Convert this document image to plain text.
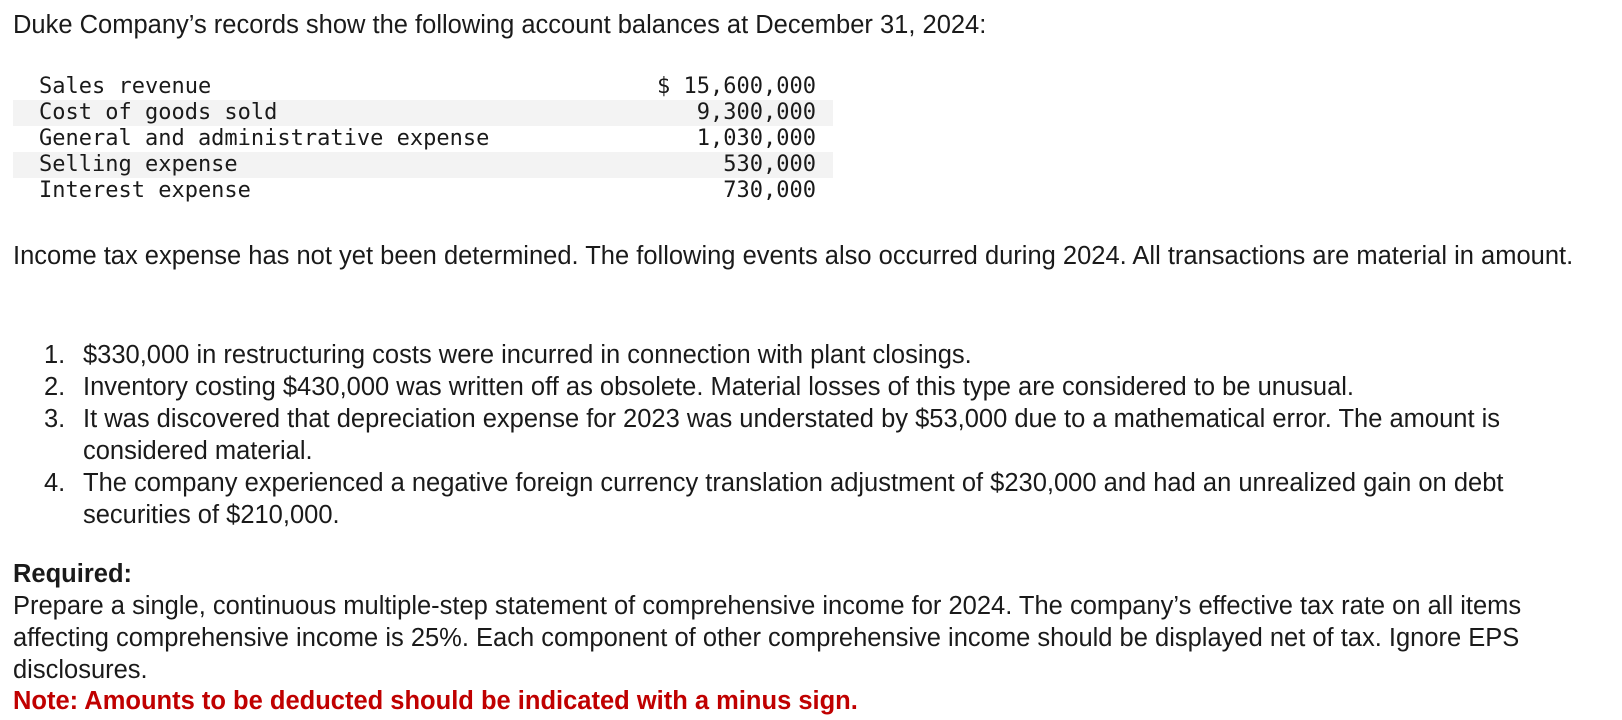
Duke Company’s records show the following account balances at December 31, 2024:

Sales revenue	$ 15,600,000
Cost of goods sold	9,300,000
General and administrative expense	1,030,000
Selling expense	530,000
Interest expense	730,000

Income tax expense has not yet been determined. The following events also occurred during 2024. All transactions are material in amount.

1. $330,000 in restructuring costs were incurred in connection with plant closings.
2. Inventory costing $430,000 was written off as obsolete. Material losses of this type are considered to be unusual.
3. It was discovered that depreciation expense for 2023 was understated by $53,000 due to a mathematical error. The amount is considered material.
4. The company experienced a negative foreign currency translation adjustment of $230,000 and had an unrealized gain on debt securities of $210,000.

Required:

Prepare a single, continuous multiple-step statement of comprehensive income for 2024. The company’s effective tax rate on all items affecting comprehensive income is 25%. Each component of other comprehensive income should be displayed net of tax. Ignore EPS disclosures.

Note: Amounts to be deducted should be indicated with a minus sign.
